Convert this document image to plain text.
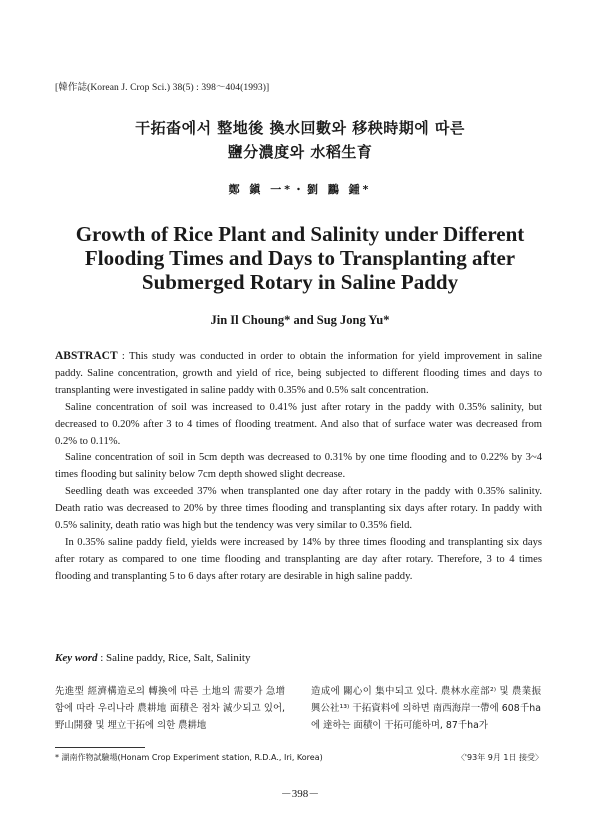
[韓作誌(Korean J. Crop Sci.) 38(5) : 398～404(1993)]
干拓畓에서 整地後 換水回數와 移秧時期에 따른
鹽分濃度와 水稻生育
鄭 鎭 一*・劉 鸝 鍾*
Growth of Rice Plant and Salinity under Different
Flooding Times and Days to Transplanting after
Submerged Rotary in Saline Paddy
Jin Il Choung* and Sug Jong Yu*

ABSTRACT : This study was conducted in order to obtain the information for yield improvement in saline paddy. Saline concentration, growth and yield of rice, being subjected to different flooding times and days to transplanting were investigated in saline paddy with 0.35% and 0.5% salt concentration.

Saline concentration of soil was increased to 0.41% just after rotary in the paddy with 0.35% salinity, but decreased to 0.20% after 3 to 4 times of flooding treatment. And also that of surface water was decreased from 0.2% to 0.11%.

Saline concentration of soil in 5cm depth was decreased to 0.31% by one time flooding and to 0.22% by 3~4 times flooding but salinity below 7cm depth showed slight decrease.

Seedling death was exceeded 37% when transplanted one day after rotary in the paddy with 0.35% salinity. Death ratio was decreased to 20% by three times flooding and transplanting six days after rotary. In paddy with 0.5% salinity, death ratio was high but the tendency was very similar to 0.35% field.

In 0.35% saline paddy field, yields were increased by 14% by three times flooding and transplanting six days after rotary as compared to one time flooding and transplanting are day after rotary. Therefore, 3 to 4 times flooding and transplanting 5 to 6 days after rotary are desirable in high saline paddy.

Key word : Saline paddy, Rice, Salt, Salinity

先進型 經濟構造로의 轉換에 따른 土地의 需要가 急增함에 따라 우리나라 農耕地 面積은 점차 減少되고 있어, 野山開發 및 埋立干拓에 의한 農耕地

造成에 關心이 集中되고 있다. 農林水産部²⁾ 및 農業振興公社¹³⁾ 干拓資料에 의하면 南西海岸一帶에 608千ha에 達하는 面積이 干拓可能하며, 87千ha가

* 湖南作物試驗場(Honam Crop Experiment station, R.D.A., Iri, Korea)	〈'93年 9月 1日 接受〉
－398－
